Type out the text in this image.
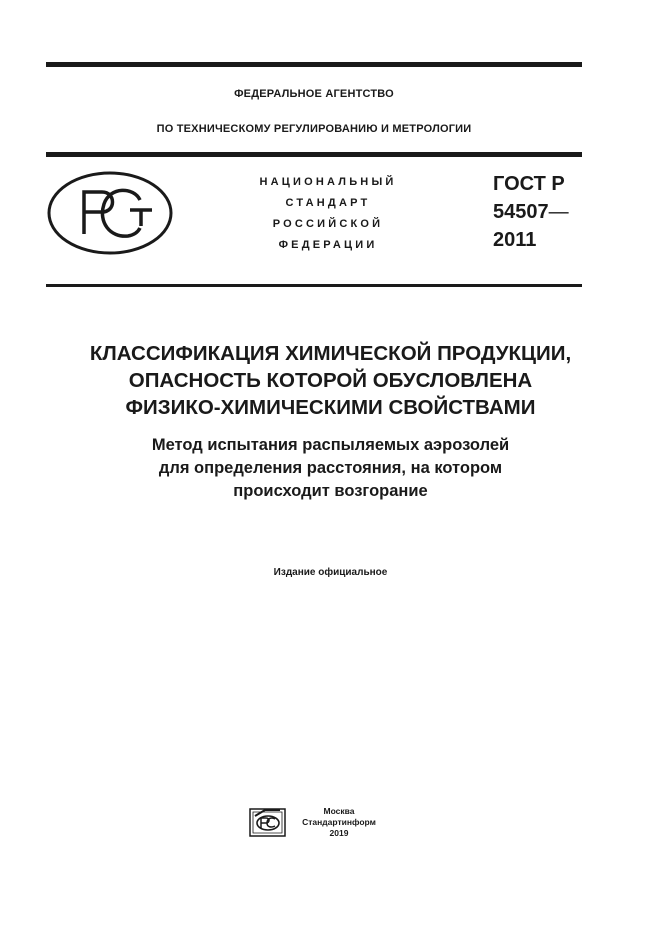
ФЕДЕРАЛЬНОЕ АГЕНТСТВО
ПО ТЕХНИЧЕСКОМУ РЕГУЛИРОВАНИЮ И МЕТРОЛОГИИ
НАЦИОНАЛЬНЫЙ
СТАНДАРТ
РОССИЙСКОЙ
ФЕДЕРАЦИИ
ГОСТ Р
54507—
2011
КЛАССИФИКАЦИЯ ХИМИЧЕСКОЙ ПРОДУКЦИИ,
ОПАСНОСТЬ КОТОРОЙ ОБУСЛОВЛЕНА
ФИЗИКО-ХИМИЧЕСКИМИ СВОЙСТВАМИ
Метод испытания распыляемых аэрозолей
для определения расстояния, на котором
происходит возгорание
Издание официальное
Москва
Стандартинформ
2019
